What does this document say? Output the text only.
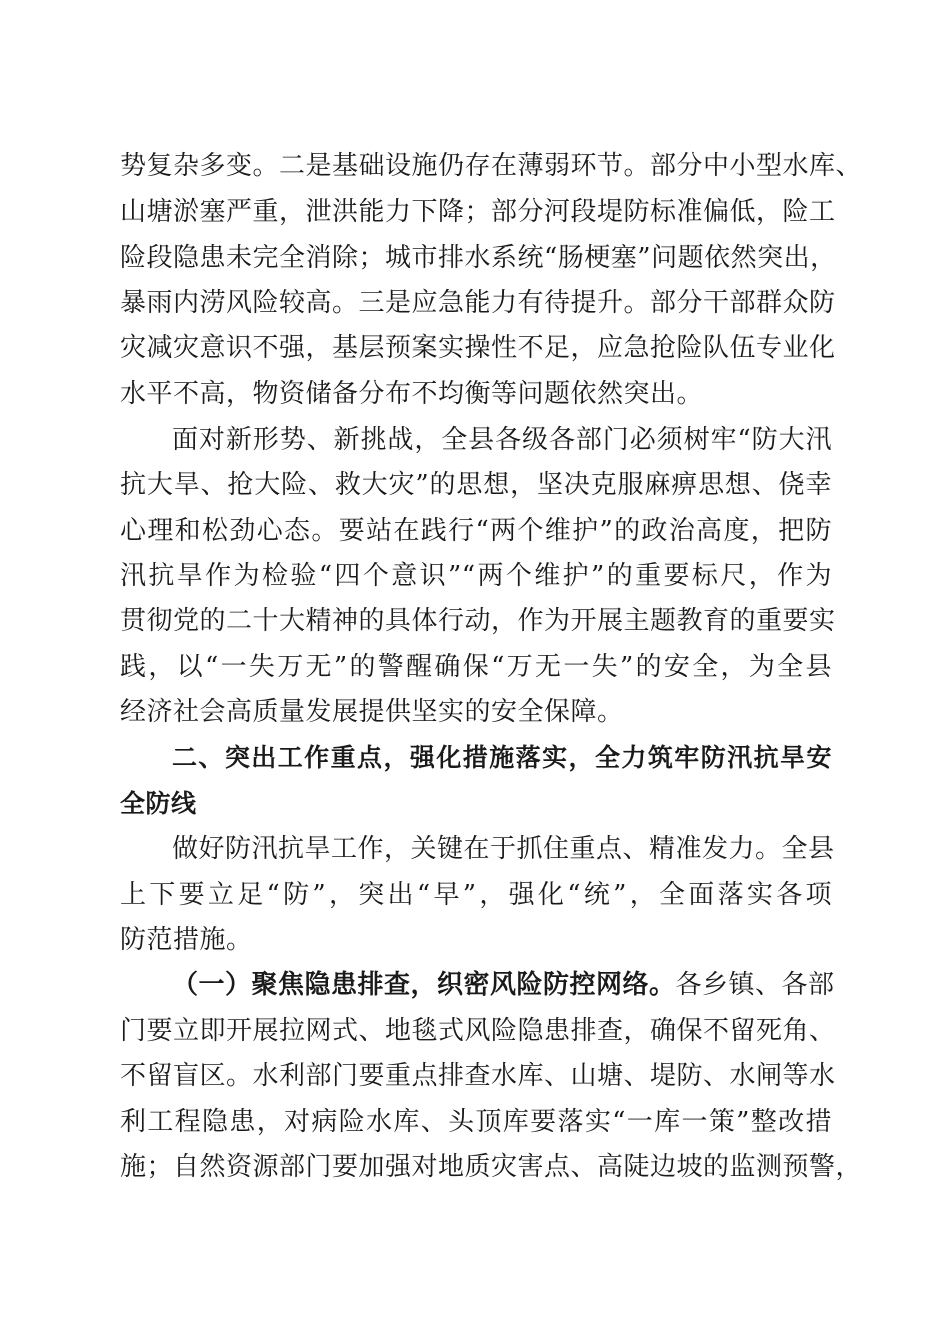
势复杂多变。二是基础设施仍存在薄弱环节。部分中小型水库、
山塘淤塞严重，泄洪能力下降；部分河段堤防标准偏低，险工
险段隐患未完全消除；城市排水系统“肠梗塞”问题依然突出，
暴雨内涝风险较高。三是应急能力有待提升。部分干部群众防
灾减灾意识不强，基层预案实操性不足，应急抢险队伍专业化
水平不高，物资储备分布不均衡等问题依然突出。
面对新形势、新挑战，全县各级各部门必须树牢“防大汛
抗大旱、抢大险、救大灾”的思想，坚决克服麻痹思想、侥幸
心理和松劲心态。要站在践行“两个维护”的政治高度，把防
汛抗旱作为检验“四个意识”“两个维护”的重要标尺，作为
贯彻党的二十大精神的具体行动，作为开展主题教育的重要实
践，以“一失万无”的警醒确保“万无一失”的安全，为全县
经济社会高质量发展提供坚实的安全保障。
二、突出工作重点，强化措施落实，全力筑牢防汛抗旱安
全防线
做好防汛抗旱工作，关键在于抓住重点、精准发力。全县
上下要立足“防”，突出“早”，强化“统”，全面落实各项
防范措施。
（一）聚焦隐患排查，织密风险防控网络。 各乡镇、各部
门要立即开展拉网式、地毯式风险隐患排查，确保不留死角、
不留盲区。水利部门要重点排查水库、山塘、堤防、水闸等水
利工程隐患，对病险水库、头顶库要落实“一库一策”整改措
施；自然资源部门要加强对地质灾害点、高陡边坡的监测预警，
